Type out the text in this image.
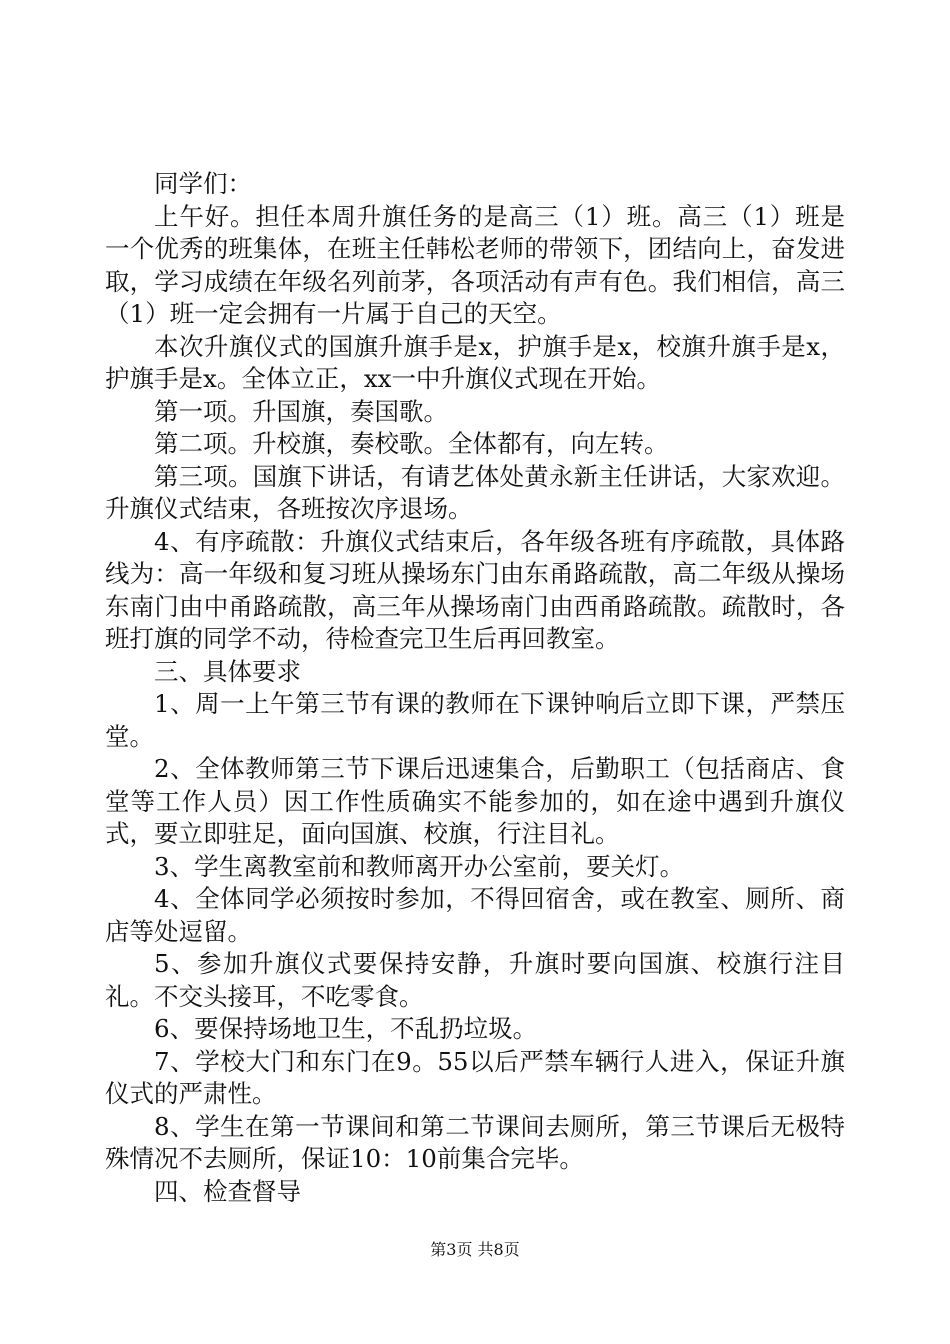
同学们：

上午好。担任本周升旗任务的是高三（1）班。高三（1）班是一个优秀的班集体，在班主任韩松老师的带领下，团结向上，奋发进取，学习成绩在年级名列前茅，各项活动有声有色。我们相信，高三（1）班一定会拥有一片属于自己的天空。

本次升旗仪式的国旗升旗手是x，护旗手是x，校旗升旗手是x，护旗手是x。全体立正，xx一中升旗仪式现在开始。

第一项。升国旗，奏国歌。

第二项。升校旗，奏校歌。全体都有，向左转。

第三项。国旗下讲话，有请艺体处黄永新主任讲话，大家欢迎。升旗仪式结束，各班按次序退场。

4、有序疏散：升旗仪式结束后，各年级各班有序疏散，具体路线为：高一年级和复习班从操场东门由东甬路疏散，高二年级从操场东南门由中甬路疏散，高三年从操场南门由西甬路疏散。疏散时，各班打旗的同学不动，待检查完卫生后再回教室。

三、具体要求

1、周一上午第三节有课的教师在下课钟响后立即下课，严禁压堂。

2、全体教师第三节下课后迅速集合，后勤职工（包括商店、食堂等工作人员）因工作性质确实不能参加的，如在途中遇到升旗仪式，要立即驻足，面向国旗、校旗，行注目礼。

3、学生离教室前和教师离开办公室前，要关灯。

4、全体同学必须按时参加，不得回宿舍，或在教室、厕所、商店等处逗留。

5、参加升旗仪式要保持安静，升旗时要向国旗、校旗行注目礼。不交头接耳，不吃零食。

6、要保持场地卫生，不乱扔垃圾。

7、学校大门和东门在9。55以后严禁车辆行人进入，保证升旗仪式的严肃性。

8、学生在第一节课间和第二节课间去厕所，第三节课后无极特殊情况不去厕所，保证10：10前集合完毕。

四、检查督导

第3页 共8页
